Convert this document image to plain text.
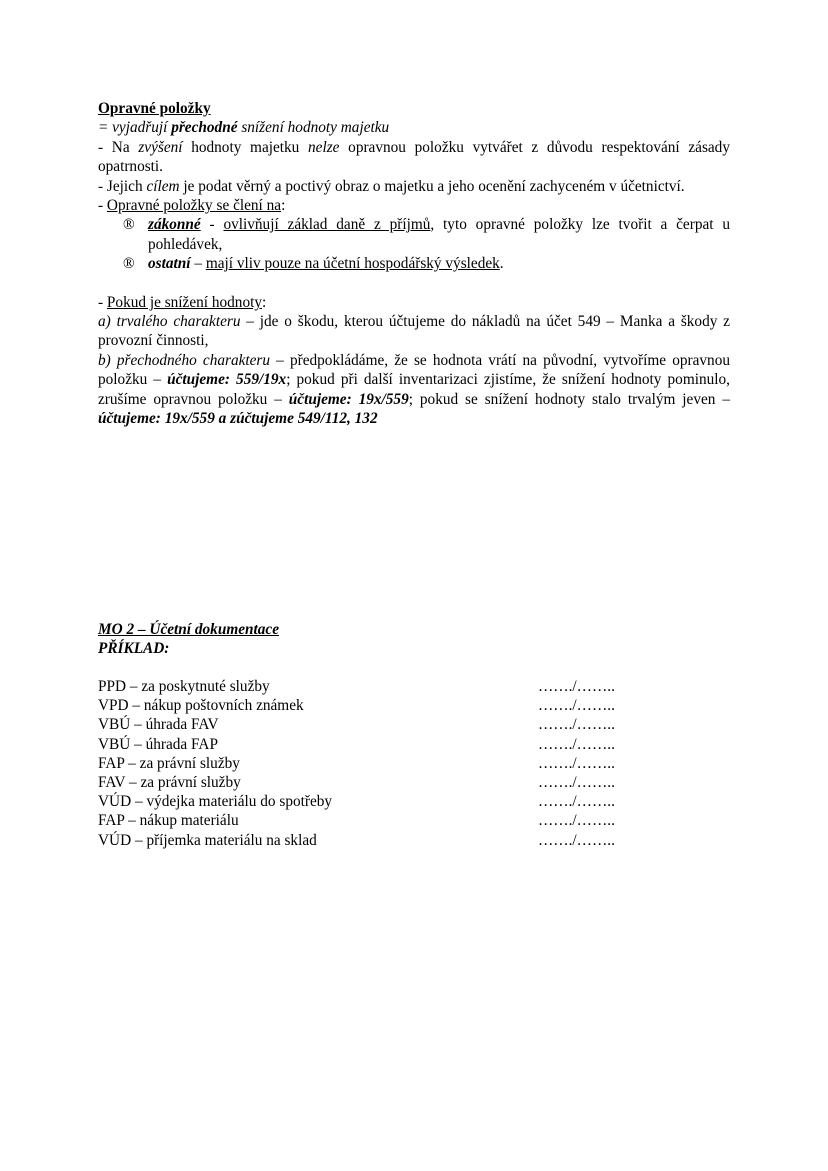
Opravné položky

= vyjadřují přechodné snížení hodnoty majetku

- Na zvýšení hodnoty majetku nelze opravnou položku vytvářet z důvodu respektování zásady opatrnosti.

- Jejich cílem je podat věrný a poctivý obraz o majetku a jeho ocenění zachyceném v účetnictví.

- Opravné položky se člení na:

® zákonné - ovlivňují základ daně z příjmů, tyto opravné položky lze tvořit a čerpat u pohledávek,

® ostatní – mají vliv pouze na účetní hospodářský výsledek.

- Pokud je snížení hodnoty:

a) trvalého charakteru – jde o škodu, kterou účtujeme do nákladů na účet 549 – Manka a škody z provozní činnosti,

b) přechodného charakteru – předpokládáme, že se hodnota vrátí na původní, vytvoříme opravnou položku – účtujeme: 559/19x; pokud při další inventarizaci zjistíme, že snížení hodnoty pominulo, zrušíme opravnou položku – účtujeme: 19x/559; pokud se snížení hodnoty stalo trvalým jeven – účtujeme: 19x/559 a zúčtujeme 549/112, 132

MO 2 – Účetní dokumentace

PŘÍKLAD:

PPD – za poskytnuté služby	……./……..
VPD – nákup poštovních známek	……./……..
VBÚ – úhrada FAV	……./……..
VBÚ – úhrada FAP	……./……..
FAP – za právní služby	……./……..
FAV – za právní služby	……./……..
VÚD – výdejka materiálu do spotřeby	……./……..
FAP – nákup materiálu	……./……..
VÚD – příjemka materiálu na sklad	……./……..
